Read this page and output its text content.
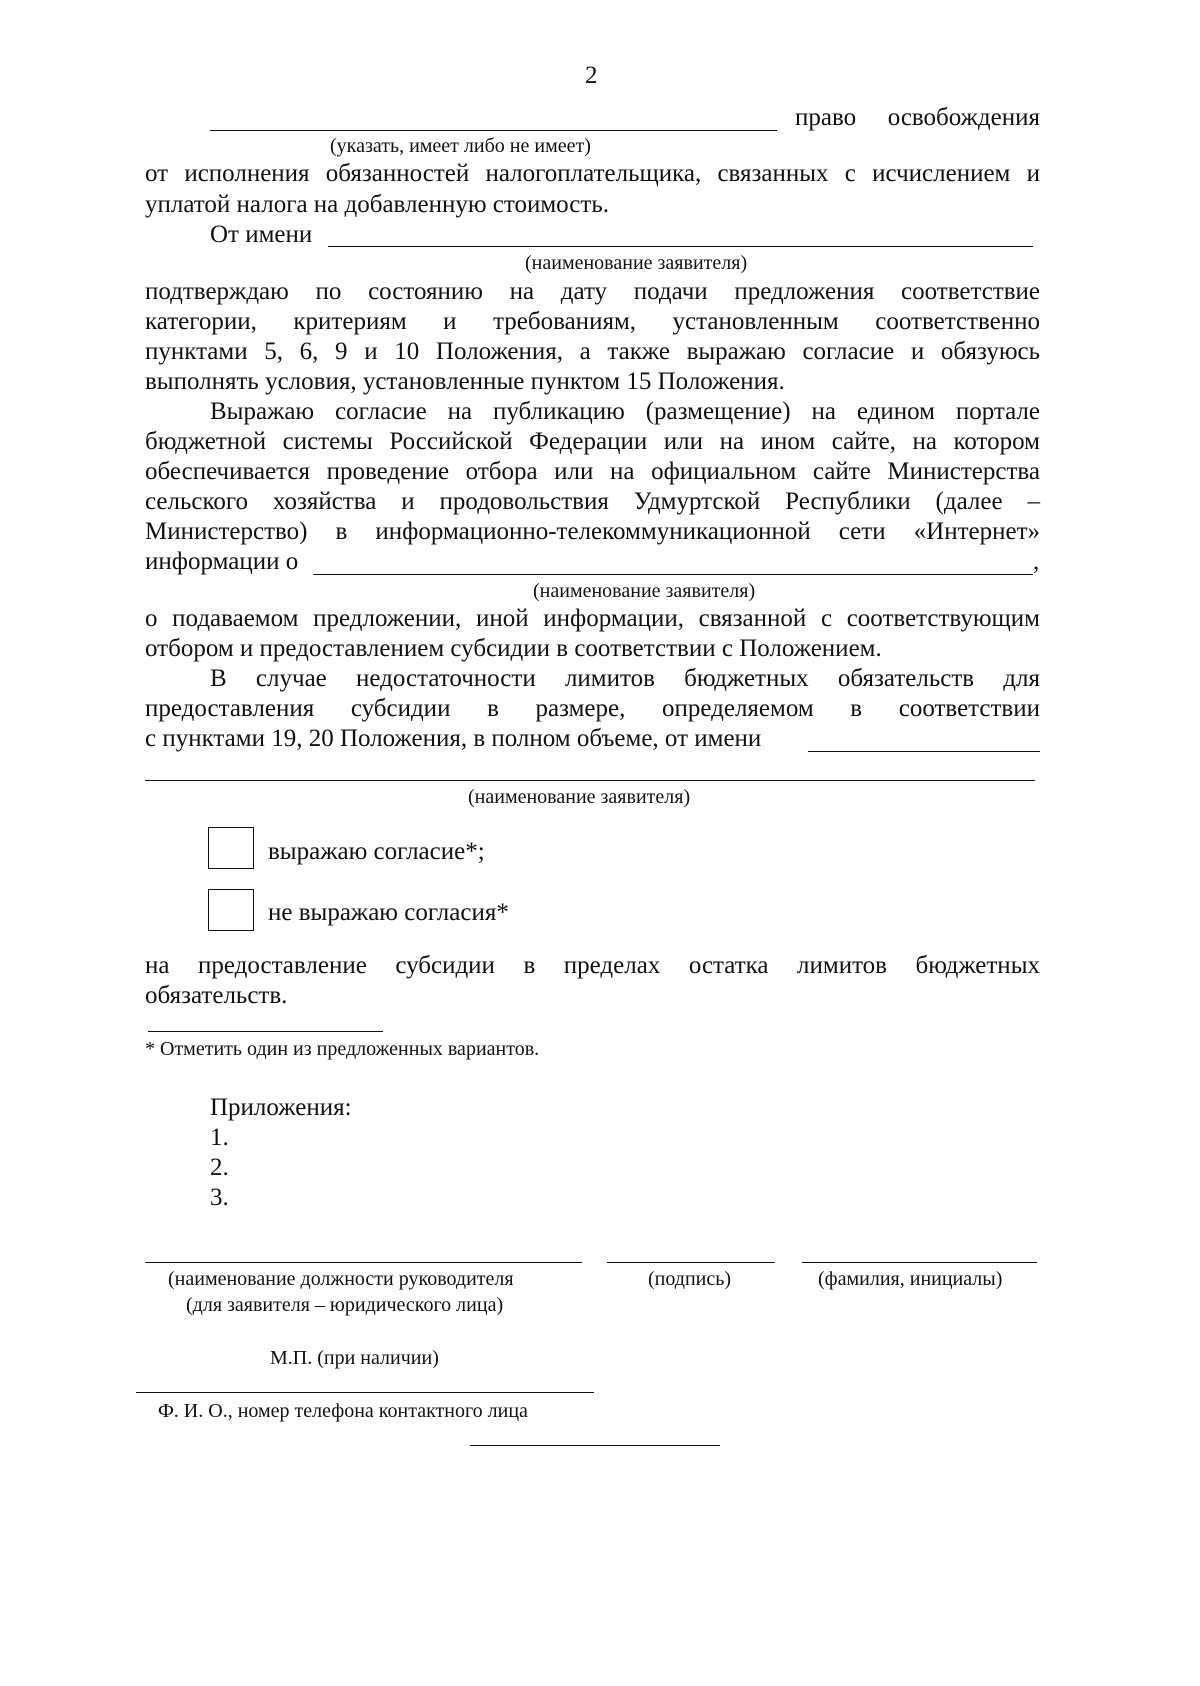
2
право освобождения
(указать, имеет либо не имеет)
от исполнения обязанностей налогоплательщика, связанных с исчислением и
уплатой налога на добавленную стоимость.
От имени
(наименование заявителя)
подтверждаю по состоянию на дату подачи предложения соответствие
категории, критериям и требованиям, установленным соответственно
пунктами 5, 6, 9 и 10 Положения, а также выражаю согласие и обязуюсь
выполнять условия, установленные пунктом 15 Положения.
Выражаю согласие на публикацию (размещение) на едином портале
бюджетной системы Российской Федерации или на ином сайте, на котором
обеспечивается проведение отбора или на официальном сайте Министерства
сельского хозяйства и продовольствия Удмуртской Республики (далее –
Министерство) в информационно-телекоммуникационной сети «Интернет»
информации о	,
(наименование заявителя)
о подаваемом предложении, иной информации, связанной с соответствующим
отбором и предоставлением субсидии в соответствии с Положением.
В случае недостаточности лимитов бюджетных обязательств для
предоставления субсидии в размере, определяемом в соответствии
с пунктами 19, 20 Положения, в полном объеме, от имени
(наименование заявителя)
выражаю согласие*;
не выражаю согласия*
на предоставление субсидии в пределах остатка лимитов бюджетных
обязательств.
* Отметить один из предложенных вариантов.
Приложения:
1.
2.
3.
(наименование должности руководителя
(для заявителя – юридического лица)
(подпись)	(фамилия, инициалы)
М.П. (при наличии)
Ф. И. О., номер телефона контактного лица
